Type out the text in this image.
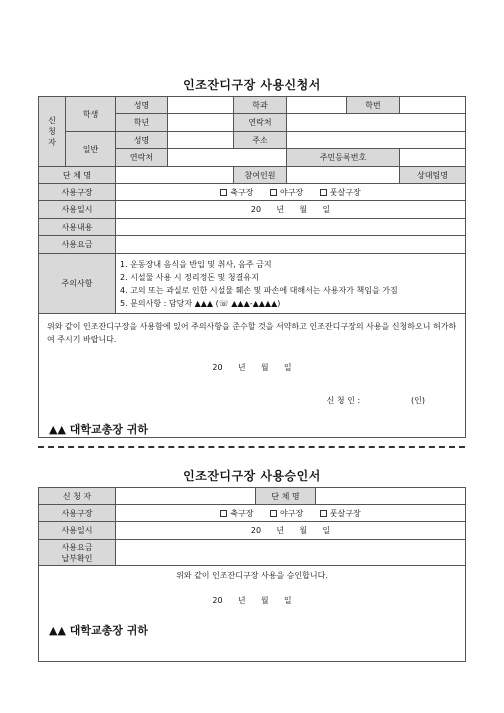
인조잔디구장 사용신청서
신
청
자	학생	성명		학과		학번	
		학년		연락처			
	일반	성명		주소			
		연락처			주민등록번호		
단 체 명				참여인원			상대팀명
사용구장		축구장 야구장 풋살구장					
사용일시		20      년      월      일					
사용내용							
사용요금							
주의사항		1. 운동장내 음식을 반입 및 취사, 음주 금지
2. 시설물 사용 시 정리정돈 및 청결유지
4. 고의 또는 과실로 인한 시설물 훼손 및 파손에 대해서는 사용자가 책임을 가짐
5. 문의사항 : 담당자 ▲▲▲ (☏ ▲▲▲-▲▲▲▲)					

위와 같이 인조잔디구장을 사용함에 있어 주의사항을 준수할 것을 서약하고 인조잔디구장의 사용을 신청하오니 허가하여 주시기 바랍니다.
20      년      월      일
신 청 인 :                    (인)
▲▲ 대학교총장 귀하							
인조잔디구장 사용승인서
신 청 자		단 체 명	
사용구장	축구장 야구장 풋살구장		
사용일시	20      년      월      일		

사용요금
납부확인			

위와 같이 인조잔디구장 사용을 승인합니다.
20      년      월      일
▲▲ 대학교총장 귀하			
